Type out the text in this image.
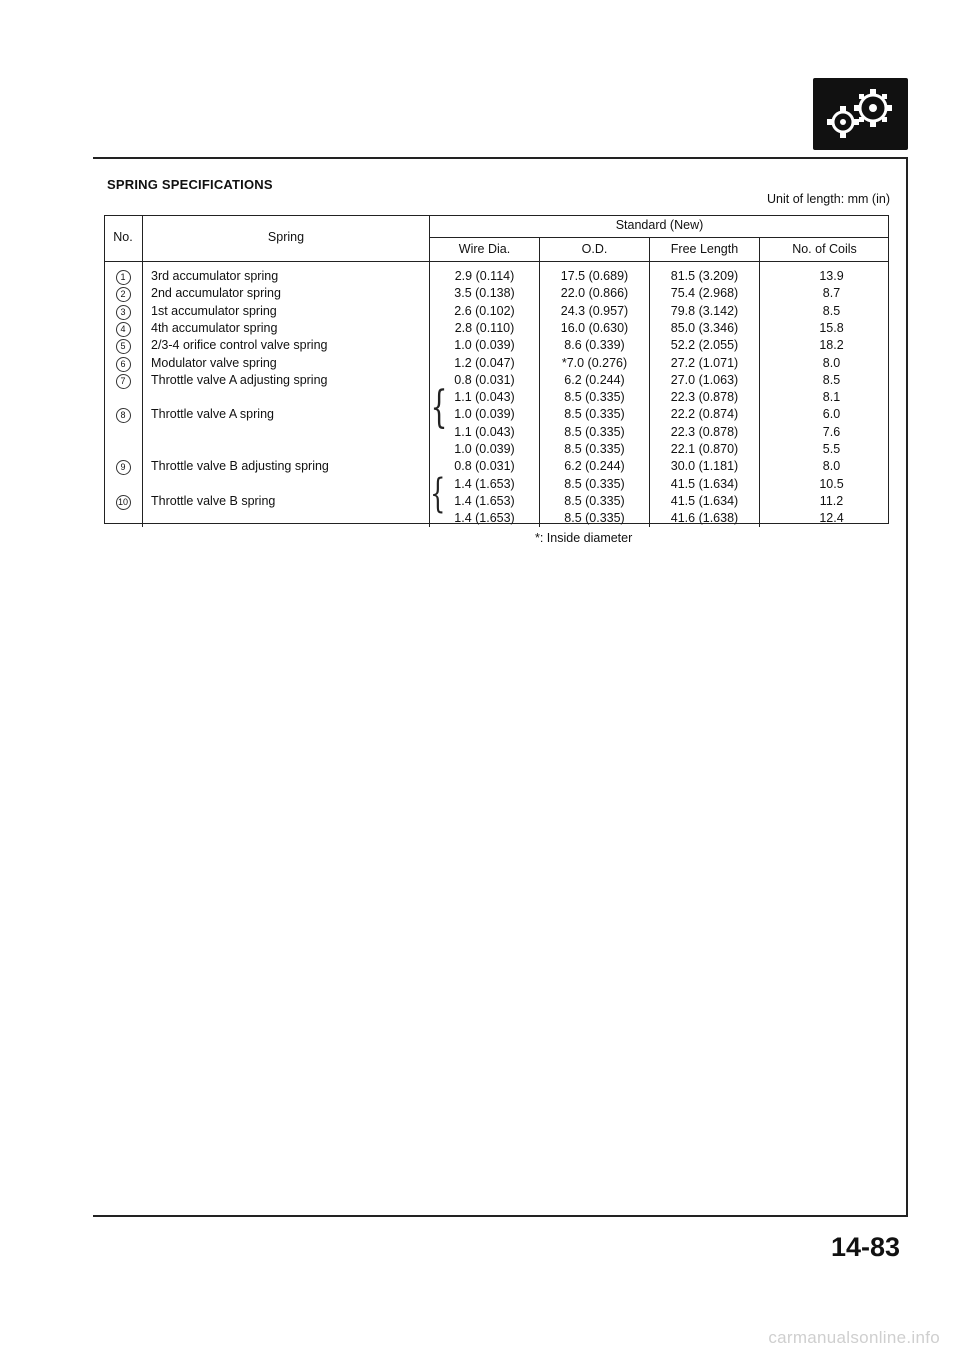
SPRING SPECIFICATIONS
Unit of length: mm (in)
No.	Spring	Standard (New)			
		Wire Dia.	O.D.	Free Length	No. of Coils
1	3rd accumulator spring	2.9 (0.114)	17.5 (0.689)	81.5 (3.209)	13.9
2	2nd accumulator spring	3.5 (0.138)	22.0 (0.866)	75.4 (2.968)	8.7
3	1st accumulator spring	2.6 (0.102)	24.3 (0.957)	79.8 (3.142)	8.5
4	4th accumulator spring	2.8 (0.110)	16.0 (0.630)	85.0 (3.346)	15.8
5	2/3-4 orifice control valve spring	1.0 (0.039)	8.6 (0.339)	52.2 (2.055)	18.2
6	Modulator valve spring	1.2 (0.047)	*7.0 (0.276)	27.2 (1.071)	8.0
7	Throttle valve A adjusting spring	0.8 (0.031)	6.2 (0.244)	27.0 (1.063)	8.5
		1.1 (0.043)	8.5 (0.335)	22.3 (0.878)	8.1
8	Throttle valve A spring	1.0 (0.039)	8.5 (0.335)	22.2 (0.874)	6.0
		1.1 (0.043)	8.5 (0.335)	22.3 (0.878)	7.6
		1.0 (0.039)	8.5 (0.335)	22.1 (0.870)	5.5
9	Throttle valve B adjusting spring	0.8 (0.031)	6.2 (0.244)	30.0 (1.181)	8.0
		1.4 (1.653)	8.5 (0.335)	41.5 (1.634)	10.5
10	Throttle valve B spring	1.4 (1.653)	8.5 (0.335)	41.5 (1.634)	11.2
		1.4 (1.653)	8.5 (0.335)	41.6 (1.638)	12.4
{
{
*: Inside diameter
14-83
carmanualsonline.info
